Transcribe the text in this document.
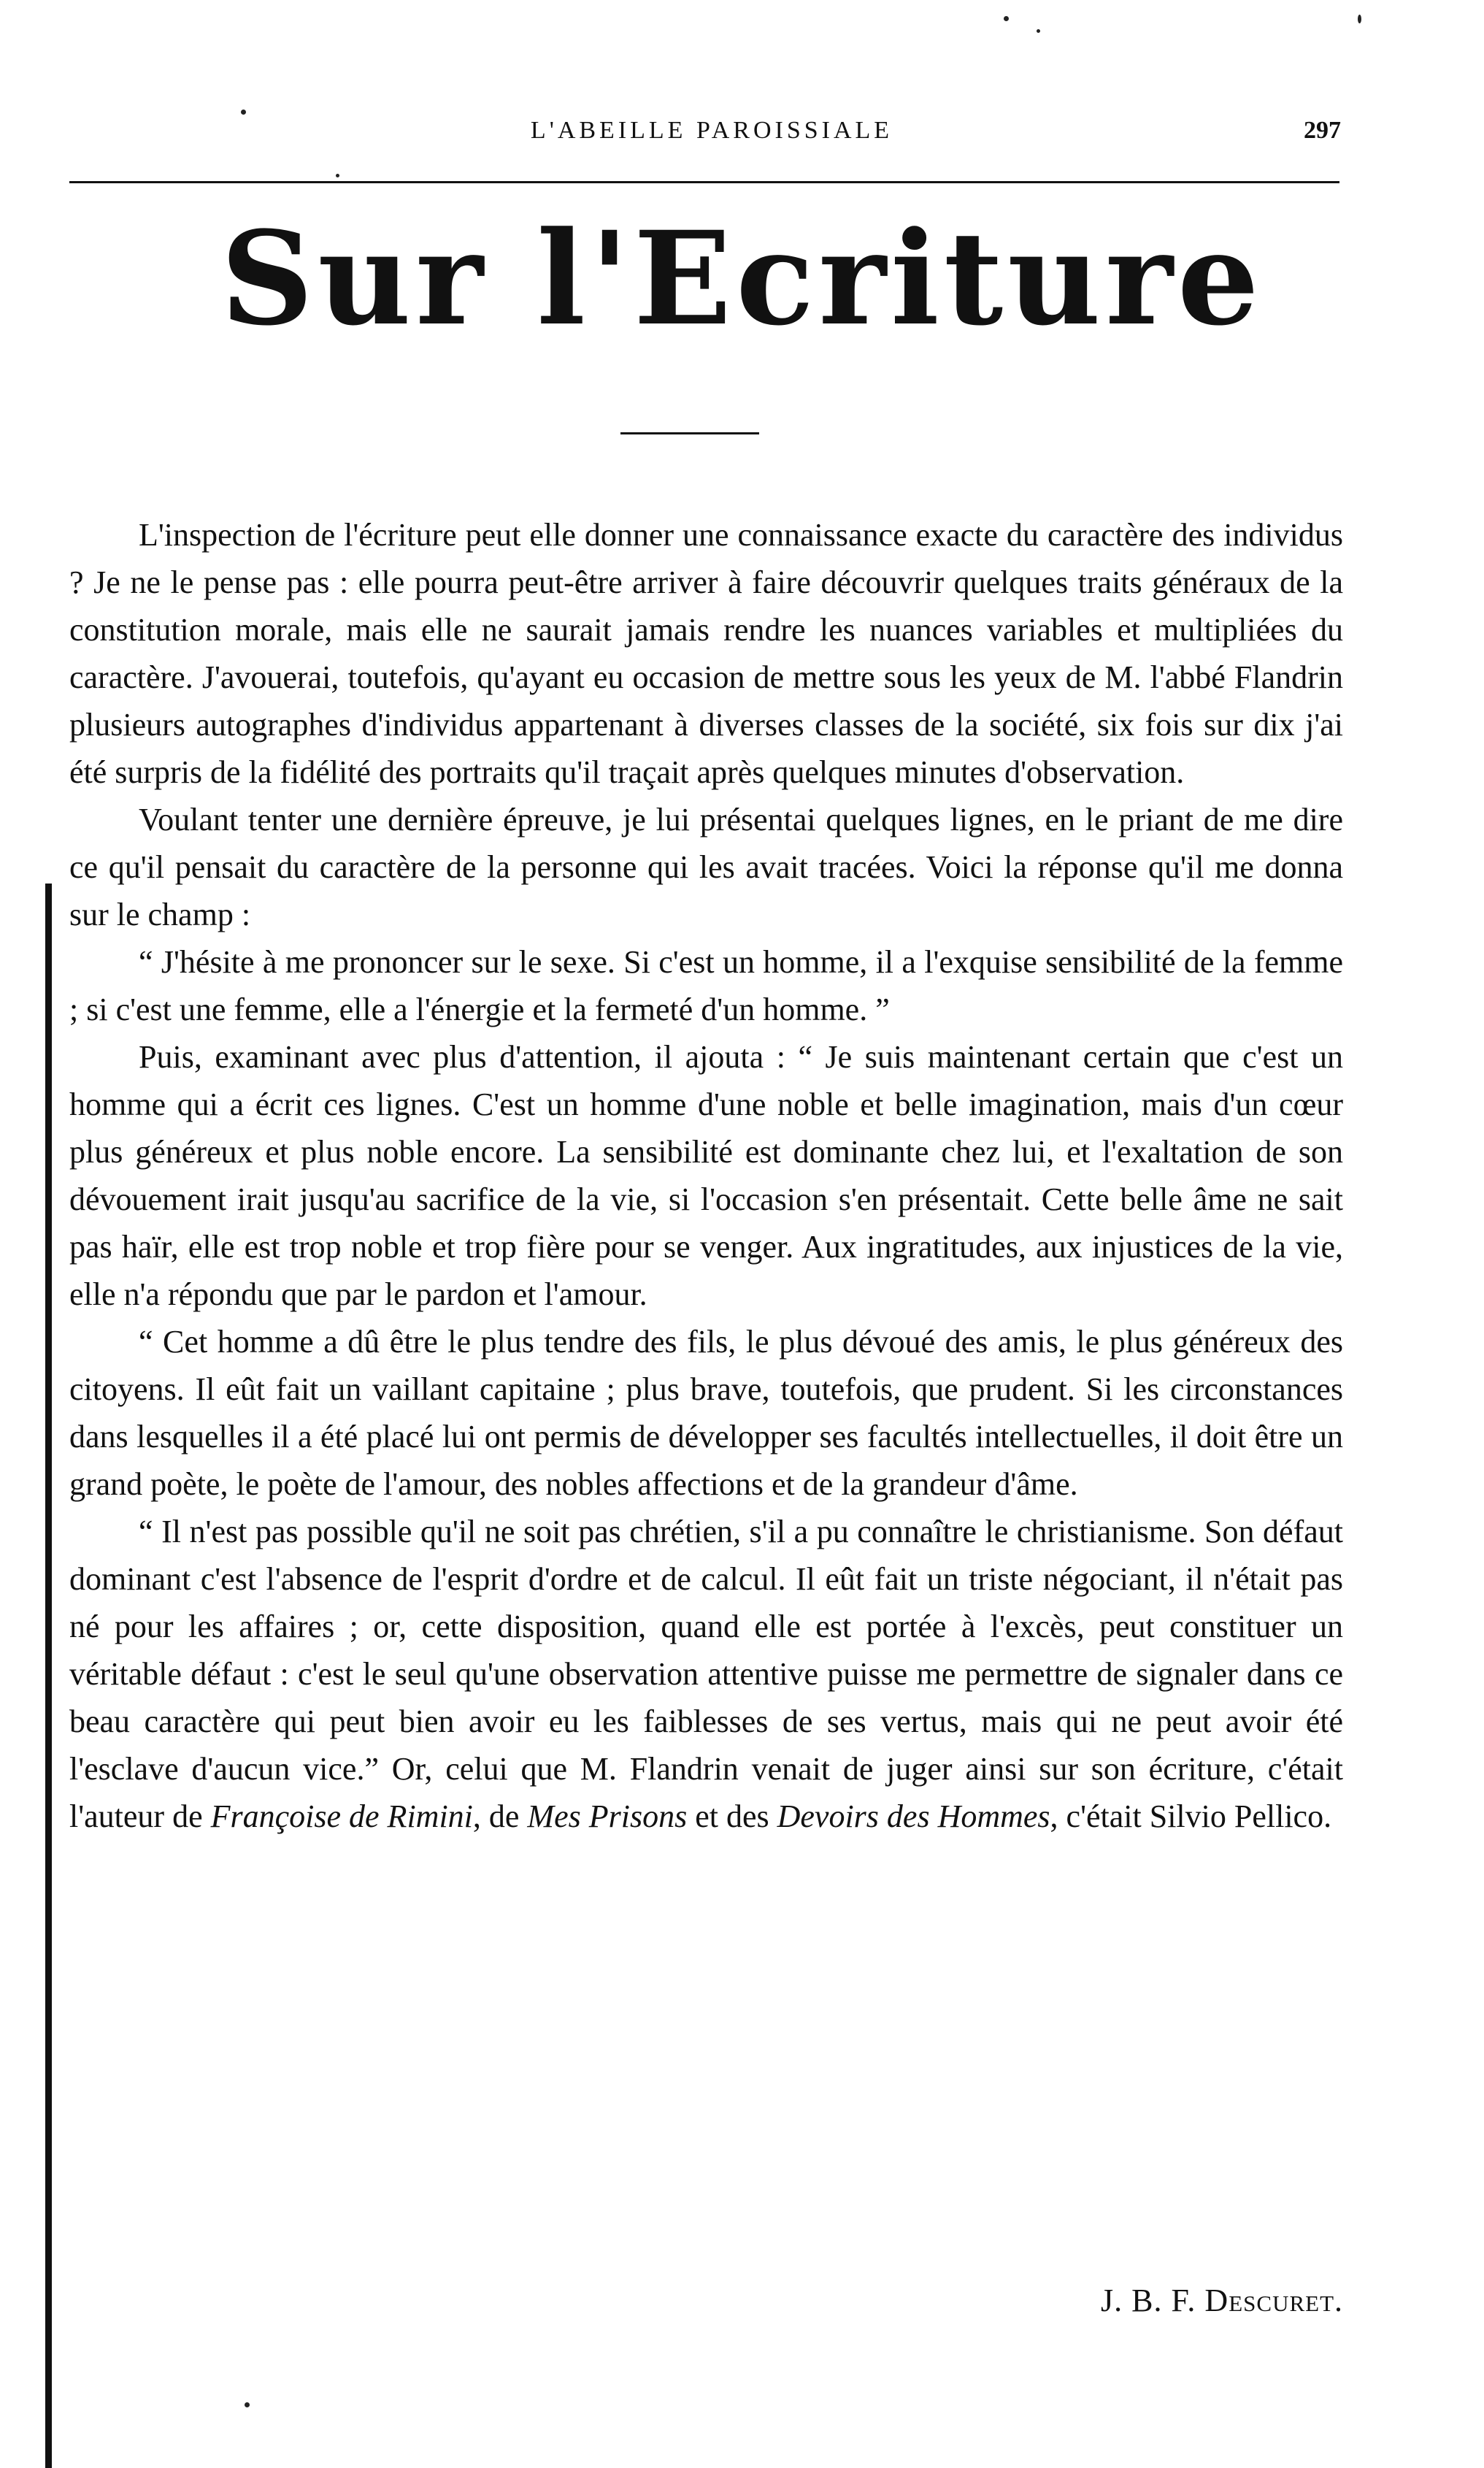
L'ABEILLE PAROISSIALE	297
Sur l'Ecriture

L'inspection de l'écriture peut elle donner une connaissance exacte du caractère des individus ? Je ne le pense pas : elle pourra peut-être arriver à faire découvrir quelques traits généraux de la constitution morale, mais elle ne saurait jamais rendre les nuances variables et multipliées du caractère. J'avouerai, toutefois, qu'ayant eu occasion de mettre sous les yeux de M. l'abbé Flandrin plusieurs autographes d'individus appartenant à diverses classes de la société, six fois sur dix j'ai été surpris de la fidélité des portraits qu'il traçait après quelques minutes d'observation.

Voulant tenter une dernière épreuve, je lui présentai quelques lignes, en le priant de me dire ce qu'il pensait du caractère de la personne qui les avait tracées. Voici la réponse qu'il me donna sur le champ :

“ J'hésite à me prononcer sur le sexe. Si c'est un homme, il a l'exquise sensibilité de la femme ; si c'est une femme, elle a l'énergie et la fermeté d'un homme. ”

Puis, examinant avec plus d'attention, il ajouta : “ Je suis maintenant certain que c'est un homme qui a écrit ces lignes. C'est un homme d'une noble et belle imagination, mais d'un cœur plus généreux et plus noble encore. La sensibilité est dominante chez lui, et l'exaltation de son dévouement irait jusqu'au sacrifice de la vie, si l'occasion s'en présentait. Cette belle âme ne sait pas haïr, elle est trop noble et trop fière pour se venger. Aux ingratitudes, aux injustices de la vie, elle n'a répondu que par le pardon et l'amour.

“ Cet homme a dû être le plus tendre des fils, le plus dévoué des amis, le plus généreux des citoyens. Il eût fait un vaillant capitaine ; plus brave, toutefois, que prudent. Si les circonstances dans lesquelles il a été placé lui ont permis de développer ses facultés intellectuelles, il doit être un grand poète, le poète de l'amour, des nobles affections et de la grandeur d'âme.

“ Il n'est pas possible qu'il ne soit pas chrétien, s'il a pu connaître le christianisme. Son défaut dominant c'est l'absence de l'esprit d'ordre et de calcul. Il eût fait un triste négociant, il n'était pas né pour les affaires ; or, cette disposition, quand elle est portée à l'excès, peut constituer un véritable défaut : c'est le seul qu'une observation attentive puisse me permettre de signaler dans ce beau caractère qui peut bien avoir eu les faiblesses de ses vertus, mais qui ne peut avoir été l'esclave d'aucun vice.” Or, celui que M. Flandrin venait de juger ainsi sur son écriture, c'était l'auteur de Françoise de Rimini, de Mes Prisons et des Devoirs des Hommes, c'était Silvio Pellico.

J. B. F. Descuret.
